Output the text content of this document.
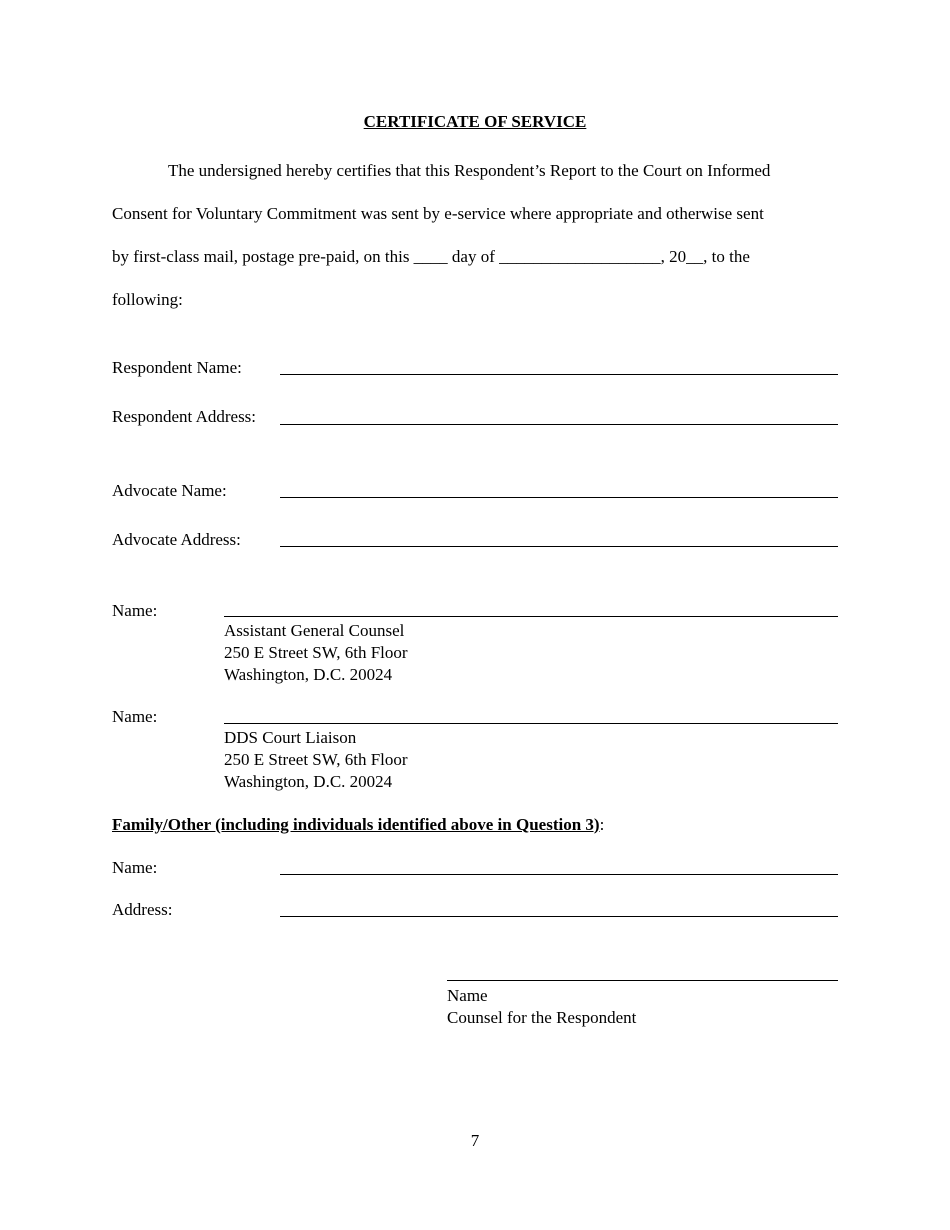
CERTIFICATE OF SERVICE
The undersigned hereby certifies that this Respondent’s Report to the Court on Informed
Consent for Voluntary Commitment was sent by e-service where appropriate and otherwise sent
by first-class mail, postage pre-paid, on this ____ day of ___________________, 20__, to the
following:
Respondent Name:
Respondent Address:
Advocate Name:
Advocate Address:
Name:
Assistant General Counsel
250 E Street SW, 6th Floor
Washington, D.C. 20024
Name:
DDS Court Liaison
250 E Street SW, 6th Floor
Washington, D.C. 20024
Family/Other (including individuals identified above in Question 3):
Name:
Address:
Name
Counsel for the Respondent
7
